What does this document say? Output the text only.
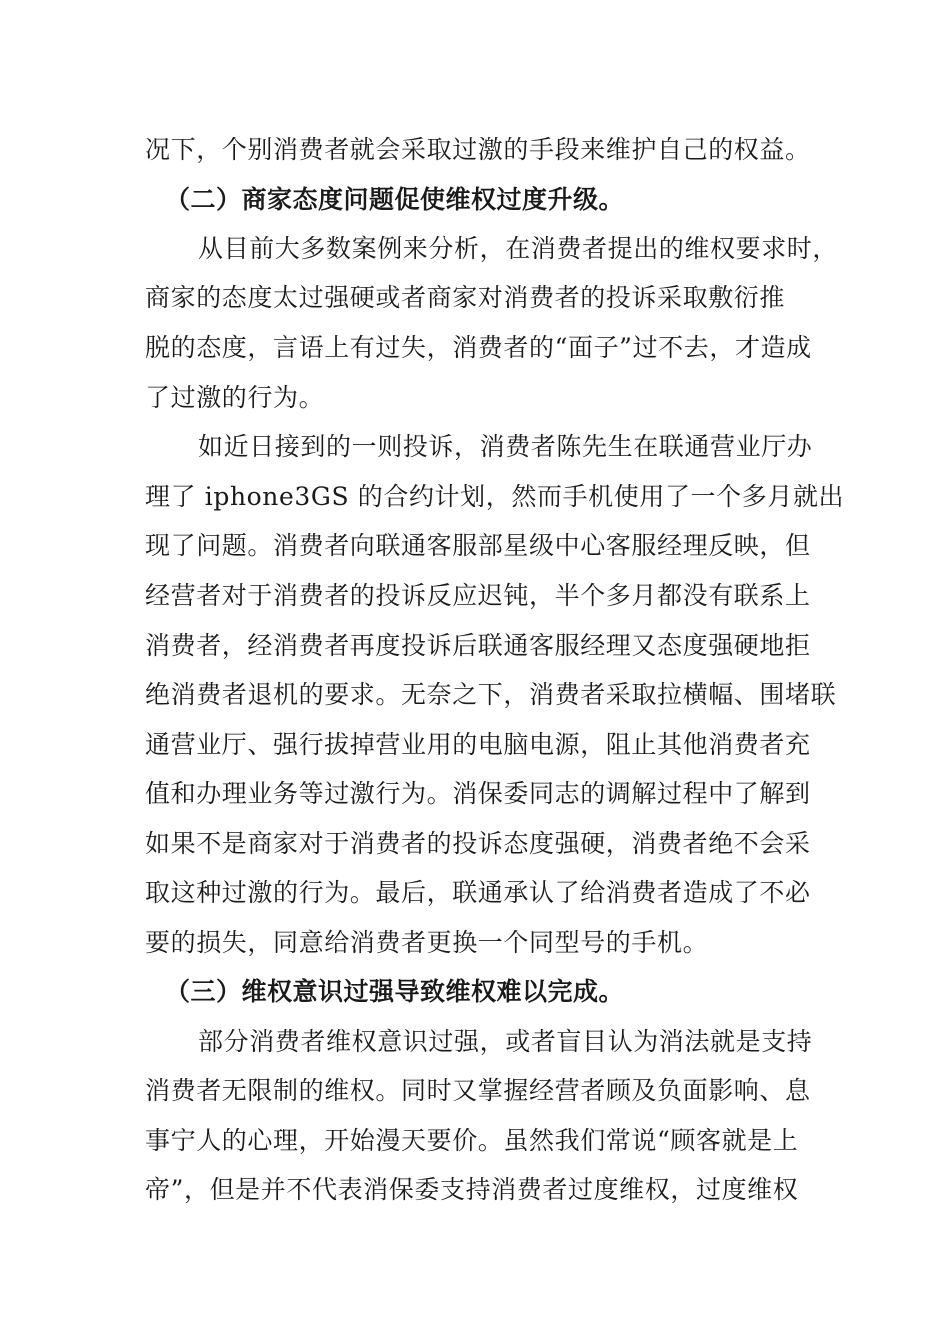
况下，个别消费者就会采取过激的手段来维护自己的权益。
（二）商家态度问题促使维权过度升级。
从目前大多数案例来分析，在消费者提出的维权要求时，
商家的态度太过强硬或者商家对消费者的投诉采取敷衍推
脱的态度，言语上有过失，消费者的“面子”过不去，才造成
了过激的行为。
如近日接到的一则投诉，消费者陈先生在联通营业厅办
理了 iphone3GS 的合约计划，然而手机使用了一个多月就出
现了问题。消费者向联通客服部星级中心客服经理反映，但
经营者对于消费者的投诉反应迟钝，半个多月都没有联系上
消费者，经消费者再度投诉后联通客服经理又态度强硬地拒
绝消费者退机的要求。无奈之下，消费者采取拉横幅、围堵联
通营业厅、强行拔掉营业用的电脑电源，阻止其他消费者充
值和办理业务等过激行为。消保委同志的调解过程中了解到
如果不是商家对于消费者的投诉态度强硬，消费者绝不会采
取这种过激的行为。最后，联通承认了给消费者造成了不必
要的损失，同意给消费者更换一个同型号的手机。
（三）维权意识过强导致维权难以完成。
部分消费者维权意识过强，或者盲目认为消法就是支持
消费者无限制的维权。同时又掌握经营者顾及负面影响、息
事宁人的心理，开始漫天要价。虽然我们常说“顾客就是上
帝”，但是并不代表消保委支持消费者过度维权，过度维权
